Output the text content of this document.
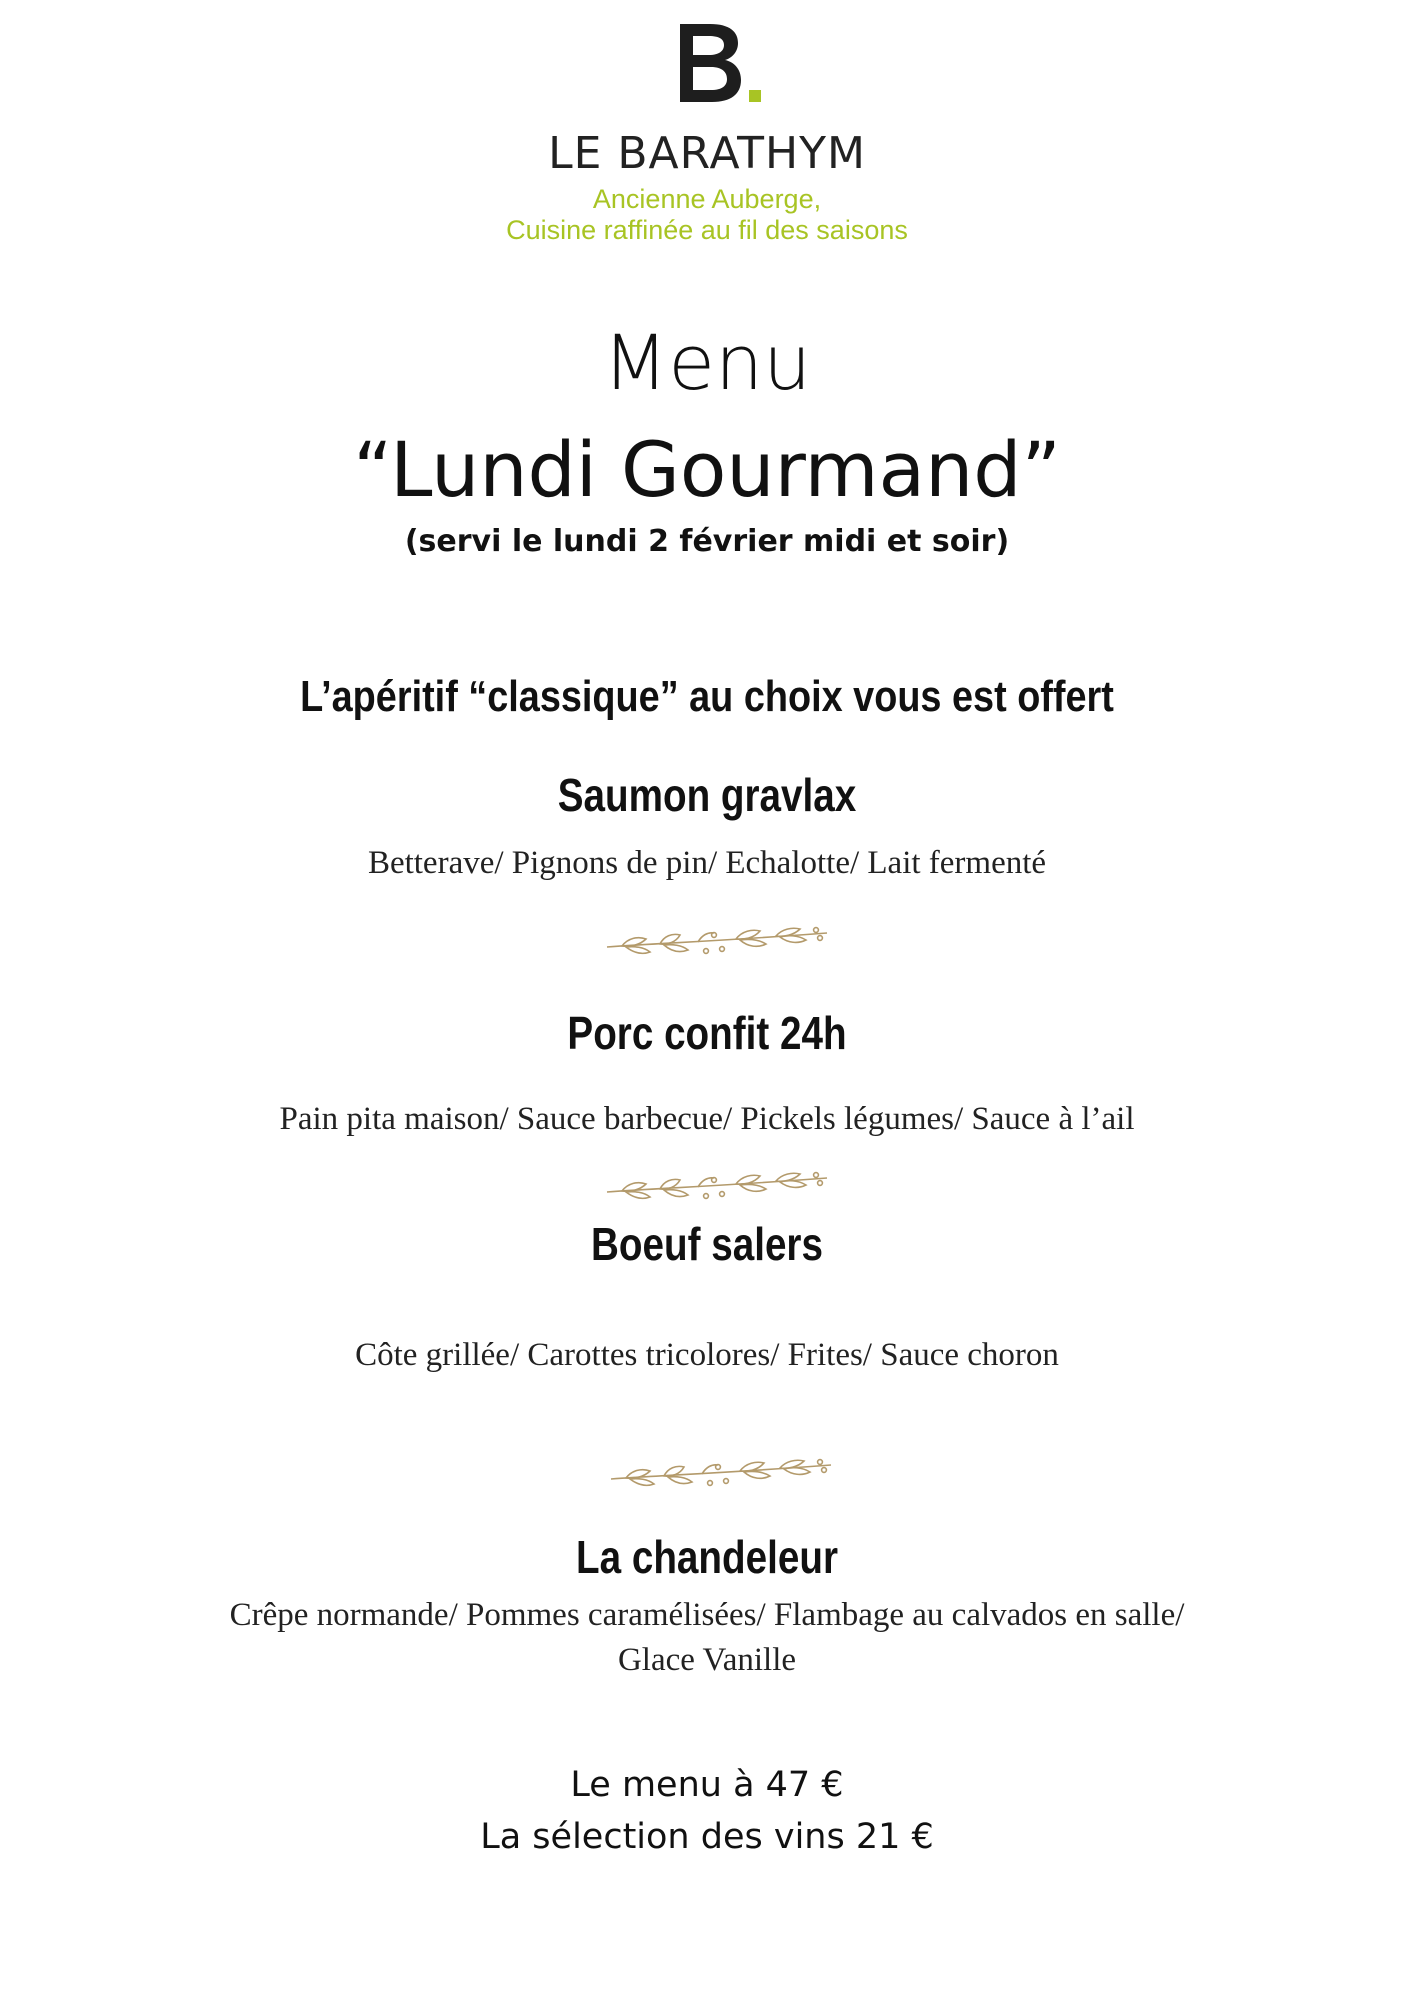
LE BARATHYM
Ancienne Auberge,
Cuisine raffinée au fil des saisons
Menu
“Lundi Gourmand”
(servi le lundi 2 février midi et soir)
L’apéritif “classique” au choix vous est offert
Saumon gravlax
Betterave/ Pignons de pin/ Echalotte/ Lait fermenté
Porc confit 24h
Pain pita maison/ Sauce barbecue/ Pickels légumes/ Sauce à l’ail
Boeuf salers
Côte grillée/ Carottes tricolores/ Frites/ Sauce choron
La chandeleur
Crêpe normande/ Pommes caramélisées/ Flambage au calvados en salle/
Glace Vanille
Le menu à 47 €
La sélection des vins 21 €
